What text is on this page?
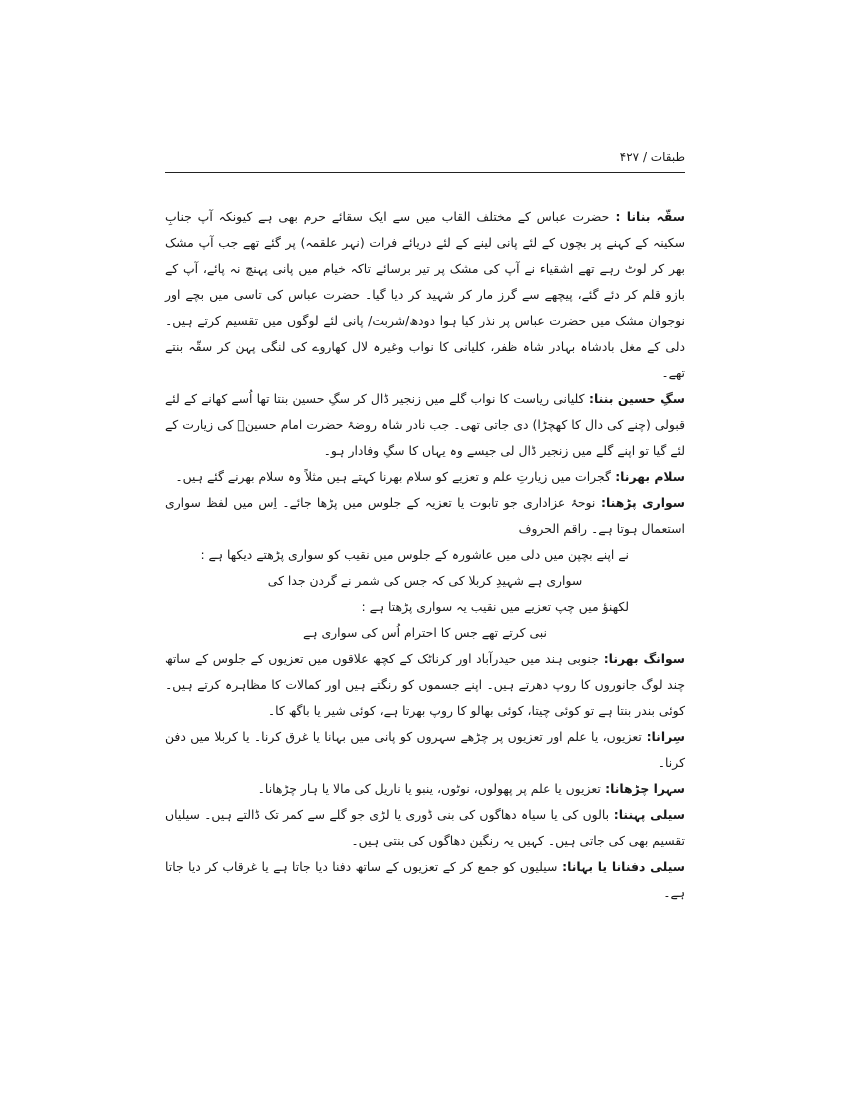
طبقات / ۴۲۷

سقّہ بنانا : حضرت عباس کے مختلف القاب میں سے ایک سقائے حرم بھی ہے کیونکہ آپ جنابِ سکینہ کے کہنے پر بچوں کے لئے پانی لینے کے لئے دریائے فرات (نہر علقمہ) پر گئے تھے جب آپ مشک بھر کر لوٹ رہے تھے اشقیاء نے آپ کی مشک پر تیر برسائے تاکہ خیام میں پانی پہنچ نہ پائے، آپ کے بازو قلم کر دئے گئے، پیچھے سے گرز مار کر شہید کر دیا گیا۔ حضرت عباس کی تاسی میں بچے اور نوجوان مشک میں حضرت عباس پر نذر کیا ہوا دودھ/شربت/ پانی لئے لوگوں میں تقسیم کرتے ہیں۔ دلی کے مغل بادشاہ بہادر شاہ ظفر، کلیانی کا نواب وغیرہ لال کھاروے کی لنگی پہن کر سقّہ بنتے تھے۔

سگِ حسین بننا: کلیانی ریاست کا نواب گلے میں زنجیر ڈال کر سگِ حسین بنتا تھا اُسے کھانے کے لئے قبولی (چنے کی دال کا کھچڑا) دی جاتی تھی۔ جب نادر شاہ روضۂ حضرت امام حسینؑ کی زیارت کے لئے گیا تو اپنے گلے میں زنجیر ڈال لی جیسے وہ یہاں کا سگِ وفادار ہو۔

سلام بھرنا: گجرات میں زیارتِ علم و تعزیے کو سلام بھرنا کہتے ہیں مثلاً وہ سلام بھرنے گئے ہیں۔

سواری پڑھنا: نوحۂ عزاداری جو تابوت یا تعزیہ کے جلوس میں پڑھا جائے۔ اِس میں لفظ سواری استعمال ہوتا ہے۔ راقم الحروف

نے اپنے بچپن میں دلی میں عاشورہ کے جلوس میں نقیب کو سواری پڑھتے دیکھا ہے :

سواری ہے شہیدِ کربلا کی کہ جس کی شمر نے گردن جدا کی

لکھنؤ میں چپ تعزیے میں نقیب یہ سواری پڑھتا ہے :

نبی کرتے تھے جس کا احترام اُس کی سواری ہے

سوانگ بھرنا: جنوبی ہند میں حیدرآباد اور کرناٹک کے کچھ علاقوں میں تعزیوں کے جلوس کے ساتھ چند لوگ جانوروں کا روپ دھرتے ہیں۔ اپنے جسموں کو رنگتے ہیں اور کمالات کا مظاہرہ کرتے ہیں۔ کوئی بندر بنتا ہے تو کوئی چیتا، کوئی بھالو کا روپ بھرتا ہے، کوئی شیر یا باگھ کا۔

سِرانا: تعزیوں، یا علم اور تعزیوں پر چڑھے سہروں کو پانی میں بہانا یا غرق کرنا۔ یا کربلا میں دفن کرنا۔

سہرا چڑھانا: تعزیوں یا علم پر پھولوں، نوٹوں، ینبو یا ناریل کی مالا یا ہار چڑھانا۔

سیلی پہننا: بالوں کی یا سیاہ دھاگوں کی بنی ڈوری یا لڑی جو گلے سے کمر تک ڈالتے ہیں۔ سیلیاں تقسیم بھی کی جاتی ہیں۔ کہیں یہ رنگین دھاگوں کی بنتی ہیں۔

سیلی دفنانا یا بہانا: سیلیوں کو جمع کر کے تعزیوں کے ساتھ دفنا دیا جاتا ہے یا غرقاب کر دیا جاتا ہے۔
